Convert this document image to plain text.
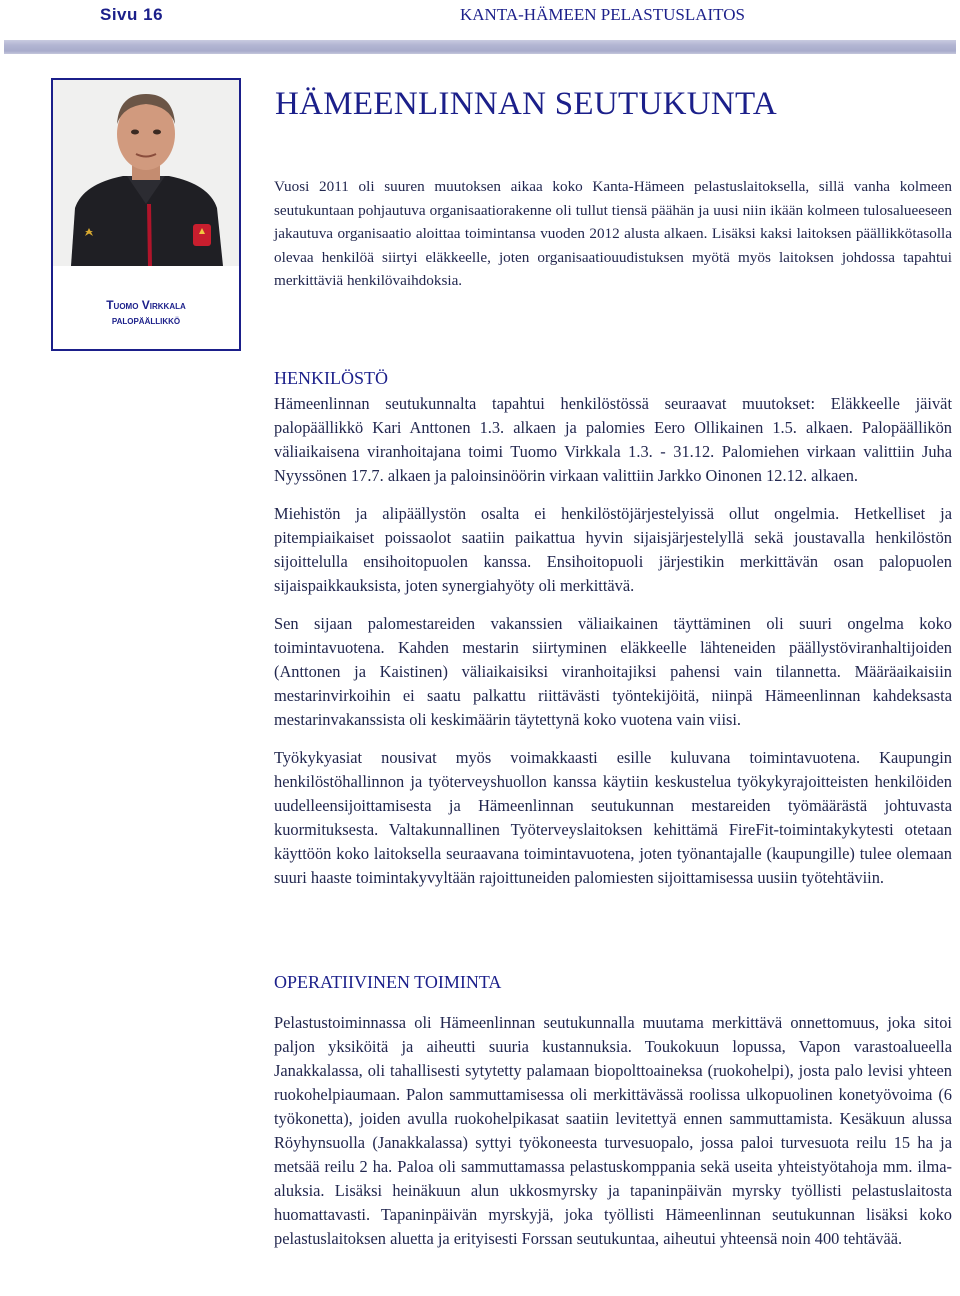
Sivu 16	KANTA-HÄMEEN PELASTUSLAITOS
Tuomo Virkkala
palopäällikkö
HÄMEENLINNAN SEUTUKUNTA

Vuosi 2011 oli suuren muutoksen aikaa koko Kanta-Hämeen pelastuslaitoksella, sillä vanha kolmeen seutukuntaan pohjautuva organisaatiorakenne oli tullut tiensä päähän ja uusi niin ikään kolmeen tulosalueeseen jakautuva organisaatio aloittaa toimintansa vuoden 2012 alusta alkaen. Lisäksi kaksi laitoksen päällikkötasolla olevaa henkilöä siirtyi eläkkeelle, joten organisaatiouudistuksen myötä myös laitoksen johdossa tapahtui merkittäviä henkilövaihdoksia.

HENKILÖSTÖ

Hämeenlinnan seutukunnalta tapahtui henkilöstössä seuraavat muutokset: Eläkkeelle jäivät palopäällikkö Kari Anttonen 1.3. alkaen ja palomies Eero Ollikainen 1.5. alkaen. Palopäällikön väliaikaisena viranhoitajana toimi Tuomo Virkkala 1.3. - 31.12. Palomiehen virkaan valittiin Juha Nyyssönen 17.7. alkaen ja paloinsinöörin virkaan valittiin Jarkko Oinonen 12.12. alkaen.

Miehistön ja alipäällystön osalta ei henkilöstöjärjestelyissä ollut ongelmia. Hetkelliset ja pitempiaikaiset poissaolot saatiin paikattua hyvin sijaisjärjestelyllä sekä joustavalla henkilöstön sijoittelulla ensihoitopuolen kanssa. Ensihoitopuoli järjestikin merkittävän osan palopuolen sijaispaikkauksista, joten synergiahyöty oli merkittävä.

Sen sijaan palomestareiden vakanssien väliaikainen täyttäminen oli suuri ongelma koko toimintavuotena. Kahden mestarin siirtyminen eläkkeelle lähteneiden päällystöviranhaltijoiden (Anttonen ja Kaistinen) väliaikaisiksi viranhoitajiksi pahensi vain tilannetta. Määräaikaisiin mestarinvirkoihin ei saatu palkattu riittävästi työntekijöitä, niinpä Hämeenlinnan kahdeksasta mestarinvakanssista oli keskimäärin täytettynä koko vuotena vain viisi.

Työkykyasiat nousivat myös voimakkaasti esille kuluvana toimintavuotena. Kaupungin henkilöstöhallinnon ja työterveyshuollon kanssa käytiin keskustelua työkykyrajoitteisten henkilöiden uudelleensijoittamisesta ja Hämeenlinnan seutukunnan mestareiden työmäärästä johtuvasta kuormituksesta. Valtakunnallinen Työterveyslaitoksen kehittämä FireFit-toimintakykytesti otetaan käyttöön koko laitoksella seuraavana toimintavuotena, joten työnantajalle (kaupungille) tulee olemaan suuri haaste toimintakyvyltään rajoittuneiden palomiesten sijoittamisessa uusiin työtehtäviin.

OPERATIIVINEN TOIMINTA

Pelastustoiminnassa oli Hämeenlinnan seutukunnalla muutama merkittävä onnettomuus, joka sitoi paljon yksiköitä ja aiheutti suuria kustannuksia. Toukokuun lopussa, Vapon varastoalueella Janakkalassa, oli tahallisesti sytytetty palamaan biopolttoaineksa (ruokohelpi), josta palo levisi yhteen ruokohelpiaumaan. Palon sammuttamisessa oli merkittävässä roolissa ulkopuolinen konetyövoima (6 työkonetta), joiden avulla ruokohelpikasat saatiin levitettyä ennen sammuttamista. Kesäkuun alussa Röyhynsuolla (Janakkalassa) syttyi työkoneesta turvesuopalo, jossa paloi turvesuota reilu 15 ha ja metsää reilu 2 ha. Paloa oli sammuttamassa pelastuskomppania sekä useita yhteistyötahoja mm. ilma-aluksia. Lisäksi heinäkuun alun ukkosmyrsky ja tapaninpäivän myrsky työllisti pelastuslaitosta huomattavasti. Tapaninpäivän myrskyjä, joka työllisti Hämeenlinnan seutukunnan lisäksi koko pelastuslaitoksen aluetta ja erityisesti Forssan seutukuntaa, aiheutui yhteensä noin 400 tehtävää.
